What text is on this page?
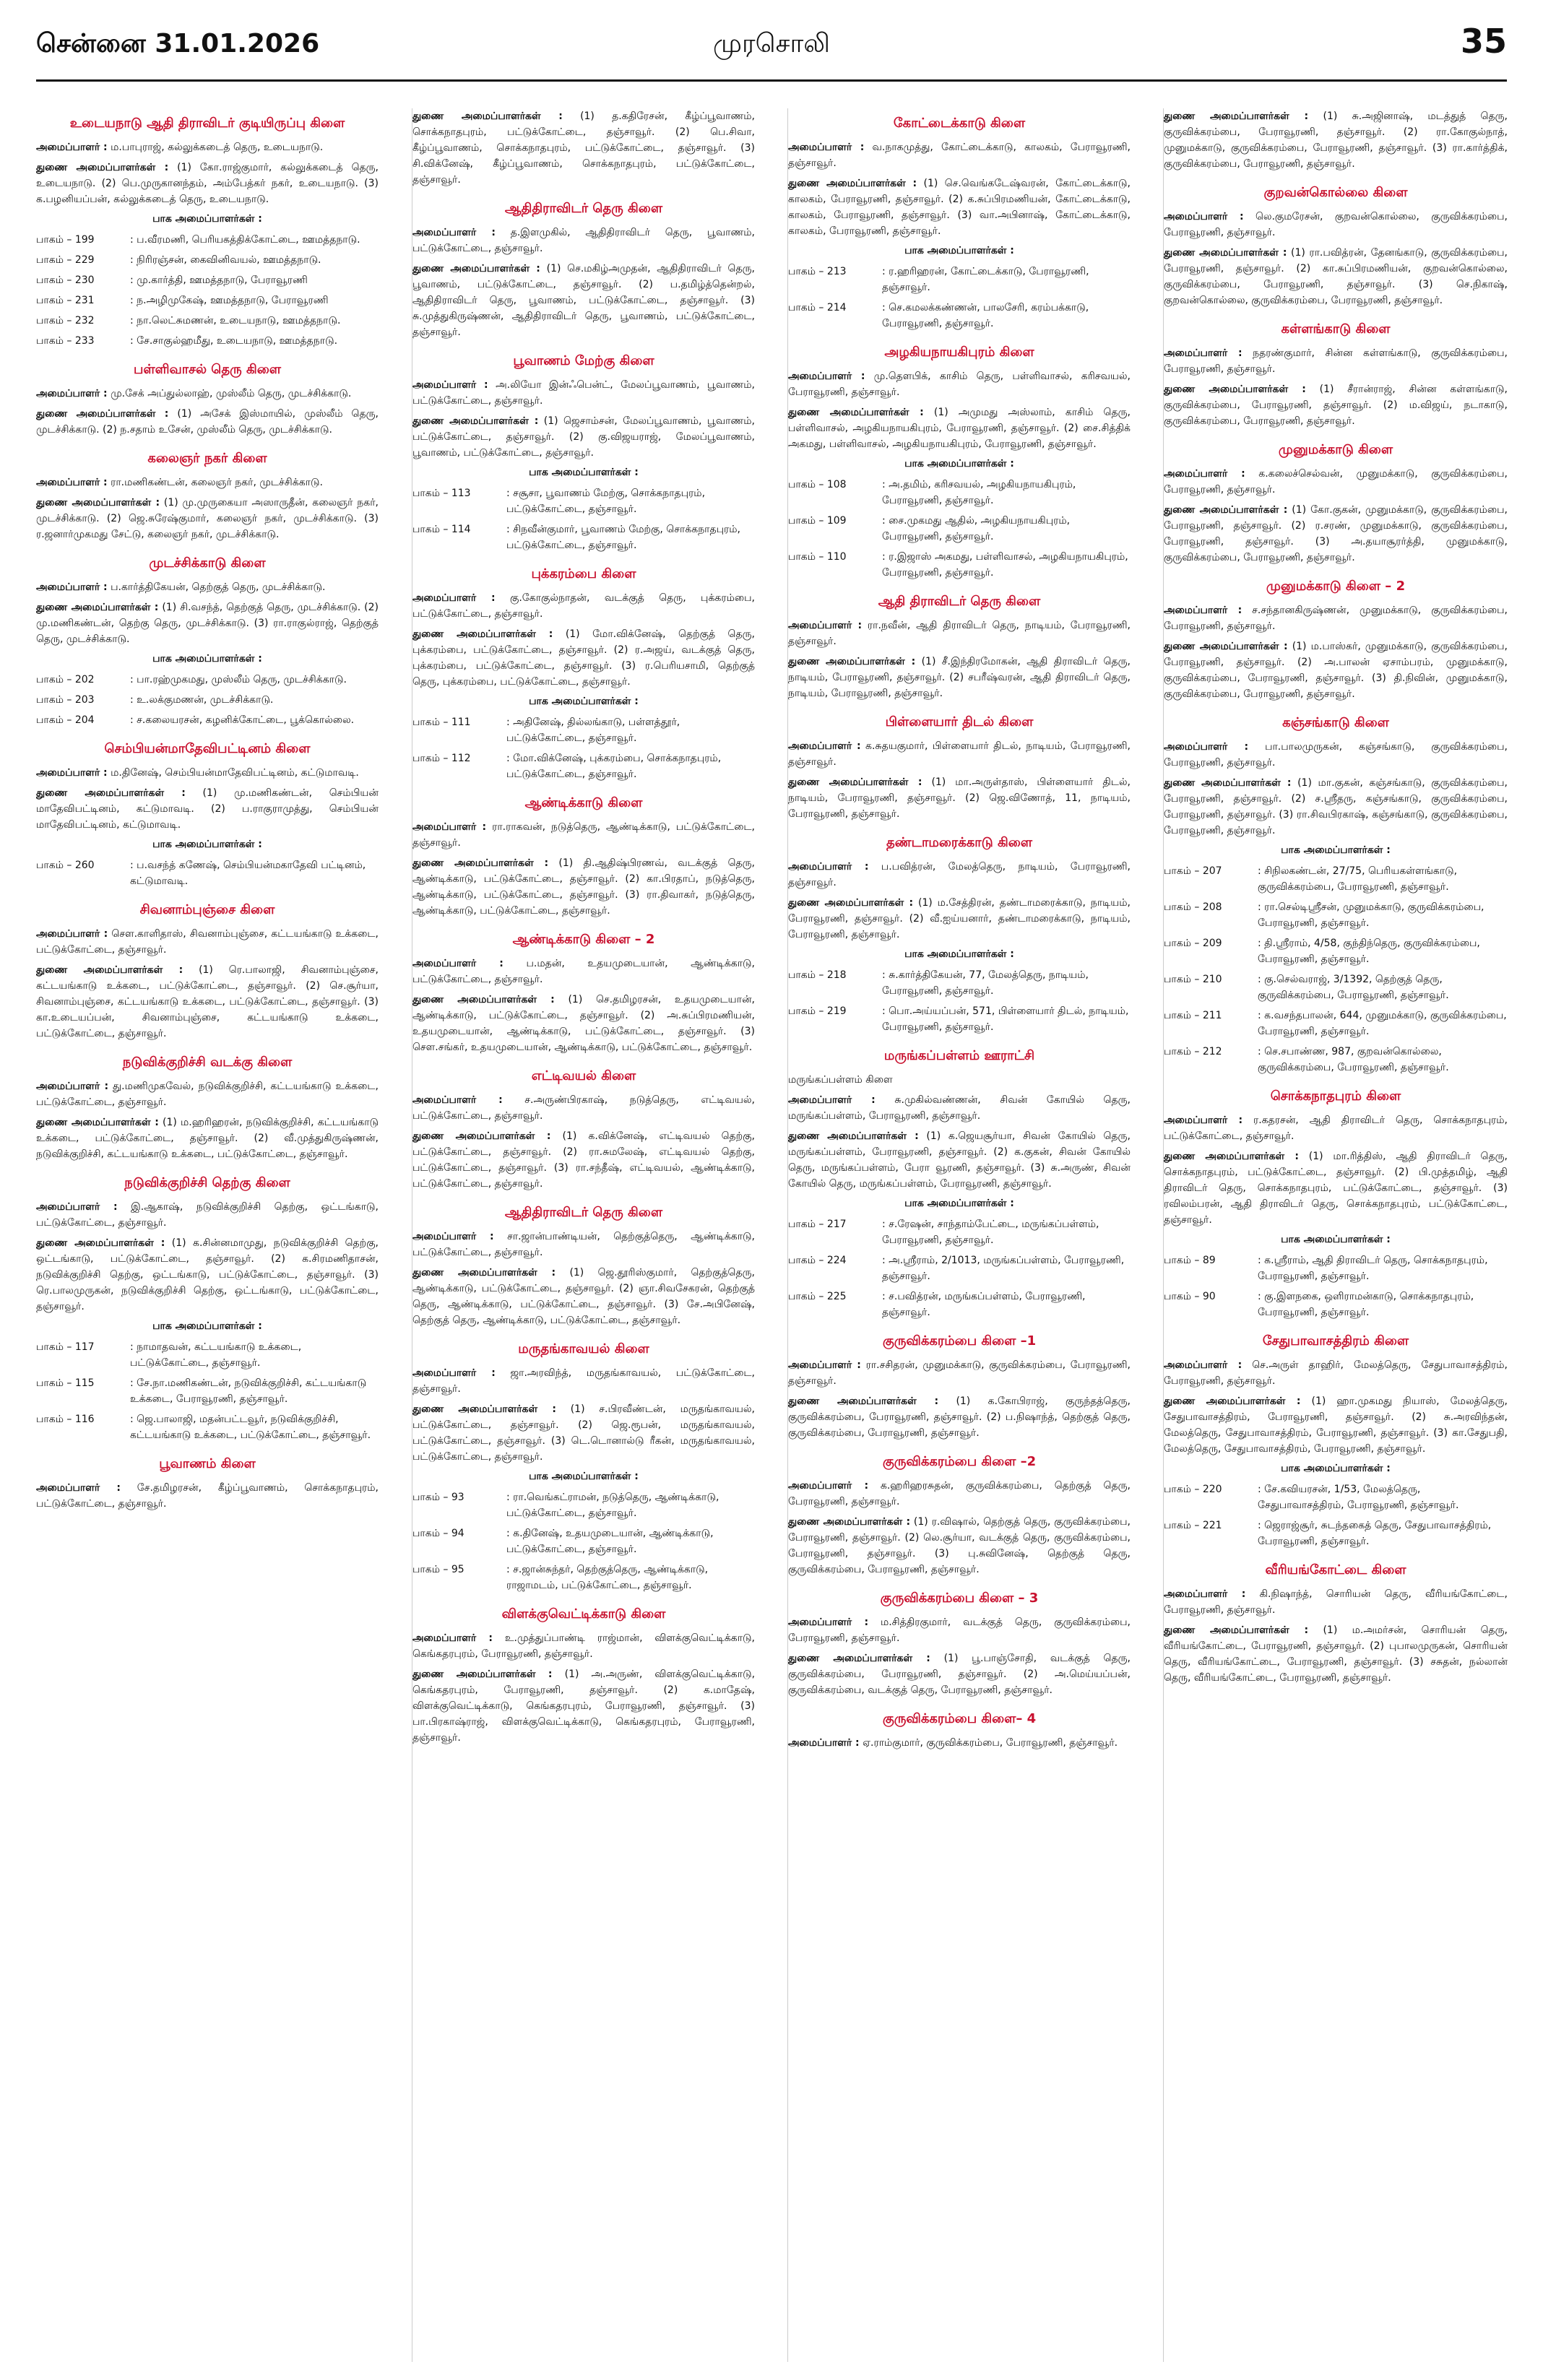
சென்னை 31.01.2026	முரசொலி	35
உடையநாடு ஆதி திராவிடர் குடியிருப்பு கிளை
அமைப்பாளர் : ம.பாபுராஜ், கல்லுக்கடைத் தெரு, உடையநாடு.
துணை அமைப்பாளர்கள் : (1) கோ.ராஜ்குமார், கல்லுக்கடைத் தெரு, உடையநாடு. (2) பெ.முருகானந்தம், அம்பேத்கர் நகர், உடையநாடு. (3) க.பழனியப்பன், கல்லுக்கடைத் தெரு, உடையநாடு.
பாக அமைப்பாளர்கள் :
பாகம் – 199	: ப.வீரமணி, பெரியகத்திக்கோட்டை, ஊமத்தநாடு.
பாகம் – 229	: நிரிரஞ்சன், கைவினிவயல், ஊமத்தநாடு.
பாகம் – 230	: மு.கார்த்தி, ஊமத்தநாடு, பேராவூரணி
பாகம் – 231	: ந.அழிமுகேஷ், ஊமத்தநாடு, பேராவூரணி
பாகம் – 232	: நா.லெட்சுமணன், உடையநாடு, ஊமத்தநாடு.
பாகம் – 233	: சே.சாகுல்ஹமீது, உடையநாடு, ஊமத்தநாடு.
பள்ளிவாசல் தெரு கிளை
அமைப்பாளர் : மு.சேக் அப்துல்லாஹ், முஸ்லீம் தெரு, முடச்சிக்காடு.
துணை அமைப்பாளர்கள் : (1) அசேக் இஸ்மாயில், முஸ்லீம் தெரு, முடச்சிக்காடு. (2) ந.சதாம் உசேன், முஸ்லீம் தெரு, முடச்சிக்காடு.
கலைஞர் நகர் கிளை
அமைப்பாளர் : ரா.மணிகண்டன், கலைஞர் நகர், முடச்சிக்காடு.
துணை அமைப்பாளர்கள் : (1) மு.முருகையா அஸாருதீன், கலைஞர் நகர், முடச்சிக்காடு. (2) ஜெ.சுரேஷ்குமார், கலைஞர் நகர், முடச்சிக்காடு. (3) ர.ஜனார்முகமது சேட்டு, கலைஞர் நகர், முடச்சிக்காடு.
முடச்சிக்காடு கிளை
அமைப்பாளர் : ப.கார்த்திகேயன், தெற்குத் தெரு, முடச்சிக்காடு.
துணை அமைப்பாளர்கள் : (1) சி.வசந்த், தெற்குத் தெரு, முடச்சிக்காடு. (2) மு.மணிகண்டன், தெற்கு தெரு, முடச்சிக்காடு. (3) ரா.ராகுல்ராஜ், தெற்குத் தெரு, முடச்சிக்காடு.
பாக அமைப்பாளர்கள் :
பாகம் – 202	: பா.ரஹ்முகமது, முஸ்லீம் தெரு, முடச்சிக்காடு.
பாகம் – 203	: உ.லக்குமணன், முடச்சிக்காடு.
பாகம் – 204	: ச.கலையரசன், கழனிக்கோட்டை, பூக்கொல்லை.
செம்பியன்மாதேவிபட்டினம் கிளை
அமைப்பாளர் : ம.தினேஷ், செம்பியன்மாதேவிபட்டினம், கட்டுமாவடி.
துணை அமைப்பாளர்கள் : (1) மு.மணிகண்டன், செம்பியன் மாதேவிபட்டினம், கட்டுமாவடி. (2) ப.ராகுராமுத்து, செம்பியன் மாதேவிபட்டினம், கட்டுமாவடி.
பாக அமைப்பாளர்கள் :
பாகம் – 260	: ப.வசந்த் கணேஷ், செம்பியன்மகாதேவி பட்டினம், கட்டுமாவடி.
சிவனாம்புஞ்சை கிளை
அமைப்பாளர் : சௌ.காளிதாஸ், சிவனாம்புஞ்சை, கட்டயங்காடு உக்கடை, பட்டுக்கோட்டை, தஞ்சாவூர்.
துணை அமைப்பாளர்கள் : (1) ரெ.பாலாஜி, சிவனாம்புஞ்சை, கட்டயங்காடு உக்கடை, பட்டுக்கோட்டை, தஞ்சாவூர். (2) செ.சூர்யா, சிவனாம்புஞ்சை, கட்டயங்காடு உக்கடை, பட்டுக்கோட்டை, தஞ்சாவூர். (3) கா.உடையப்பன், சிவனாம்புஞ்சை, கட்டயங்காடு உக்கடை, பட்டுக்கோட்டை, தஞ்சாவூர்.
நடுவிக்குறிச்சி வடக்கு கிளை
அமைப்பாளர் : து.மணிமுகவேல், நடுவிக்குறிச்சி, கட்டயங்காடு உக்கடை, பட்டுக்கோட்டை, தஞ்சாவூர்.
துணை அமைப்பாளர்கள் : (1) ம.ஹரிஹரன், நடுவிக்குறிச்சி, கட்டயங்காடு உக்கடை, பட்டுக்கோட்டை, தஞ்சாவூர். (2) வீ.முத்துகிருஷ்ணன், நடுவிக்குறிச்சி, கட்டயங்காடு உக்கடை, பட்டுக்கோட்டை, தஞ்சாவூர்.
நடுவிக்குறிச்சி தெற்கு கிளை
அமைப்பாளர் : இ.ஆகாஷ், நடுவிக்குறிச்சி தெற்கு, ஒட்டங்காடு, பட்டுக்கோட்டை, தஞ்சாவூர்.
துணை அமைப்பாளர்கள் : (1) க.சின்னமாமுது, நடுவிக்குறிச்சி தெற்கு, ஒட்டங்காடு, பட்டுக்கோட்டை, தஞ்சாவூர். (2) க.சிரமணிதாசன், நடுவிக்குறிச்சி தெற்கு, ஒட்டங்காடு, பட்டுக்கோட்டை, தஞ்சாவூர். (3) ரெ.பாலமுருகன், நடுவிக்குறிச்சி தெற்கு, ஒட்டங்காடு, பட்டுக்கோட்டை, தஞ்சாவூர்.
பாக அமைப்பாளர்கள் :
பாகம் – 117	: நாமாதவன், கட்டயங்காடு உக்கடை, பட்டுக்கோட்டை, தஞ்சாவூர்.
பாகம் – 115	: சே.நா.மணிகண்டன், நடுவிக்குறிச்சி, கட்டயங்காடு உக்கடை, பேராவூரணி, தஞ்சாவூர்.
பாகம் – 116	: ஜெ.பாலாஜி, மதன்பட்டவூர், நடுவிக்குறிச்சி, கட்டயங்காடு உக்கடை, பட்டுக்கோட்டை, தஞ்சாவூர்.
பூவாணம் கிளை
அமைப்பாளர் : சே.தமிழரசன், கீழ்ப்பூவாணம், சொக்கநாதபுரம், பட்டுக்கோட்டை, தஞ்சாவூர்.
துணை அமைப்பாளர்கள் : (1) த.கதிரேசன், கீழ்ப்பூவாணம், சொக்கநாதபுரம், பட்டுக்கோட்டை, தஞ்சாவூர். (2) பெ.சிவா, கீழ்ப்பூவாணம், சொக்கநாதபுரம், பட்டுக்கோட்டை, தஞ்சாவூர். (3) சி.விக்னேஷ், கீழ்ப்பூவாணம், சொக்கநாதபுரம், பட்டுக்கோட்டை, தஞ்சாவூர்.
ஆதிதிராவிடர் தெரு கிளை
அமைப்பாளர் : த.இளமுகில், ஆதிதிராவிடர் தெரு, பூவாணம், பட்டுக்கோட்டை, தஞ்சாவூர்.
துணை அமைப்பாளர்கள் : (1) செ.மகிழ்அமுதன், ஆதிதிராவிடர் தெரு, பூவாணம், பட்டுக்கோட்டை, தஞ்சாவூர். (2) ப.தமிழ்த்தென்றல், ஆதிதிராவிடர் தெரு, பூவாணம், பட்டுக்கோட்டை, தஞ்சாவூர். (3) சு.முத்துகிருஷ்ணன், ஆதிதிராவிடர் தெரு, பூவாணம், பட்டுக்கோட்டை, தஞ்சாவூர்.
பூவாணம் மேற்கு கிளை
அமைப்பாளர் : அ.லியோ இன்ஃபென்ட், மேலப்பூவாணம், பூவாணம், பட்டுக்கோட்டை, தஞ்சாவூர்.
துணை அமைப்பாளர்கள் : (1) ஜெசாம்சன், மேலப்பூவாணம், பூவாணம், பட்டுக்கோட்டை, தஞ்சாவூர். (2) கு.விஜயராஜ், மேலப்பூவாணம், பூவாணம், பட்டுக்கோட்டை, தஞ்சாவூர்.
பாக அமைப்பாளர்கள் :
பாகம் – 113	: சசூசா, பூவாணம் மேற்கு, சொக்கநாதபுரம், பட்டுக்கோட்டை, தஞ்சாவூர்.
பாகம் – 114	: சிநவீன்குமார், பூவாணம் மேற்கு, சொக்கநாதபுரம், பட்டுக்கோட்டை, தஞ்சாவூர்.
புக்கரம்பை கிளை
அமைப்பாளர் : கு.கோகுல்நாதன், வடக்குத் தெரு, புக்கரம்பை, பட்டுக்கோட்டை, தஞ்சாவூர்.
துணை அமைப்பாளர்கள் : (1) மோ.விக்னேஷ், தெற்குத் தெரு, புக்கரம்பை, பட்டுக்கோட்டை, தஞ்சாவூர். (2) ர.அஜய், வடக்குத் தெரு, புக்கரம்பை, பட்டுக்கோட்டை, தஞ்சாவூர். (3) ர.பெரியசாமி, தெற்குத் தெரு, புக்கரம்பை, பட்டுக்கோட்டை, தஞ்சாவூர்.
பாக அமைப்பாளர்கள் :
பாகம் – 111	: அதினேஷ், தில்லங்காடு, பள்ளத்தூர், பட்டுக்கோட்டை, தஞ்சாவூர்.
பாகம் – 112	: மோ.விக்னேஷ், புக்கரம்பை, சொக்கநாதபுரம், பட்டுக்கோட்டை, தஞ்சாவூர்.
ஆண்டிக்காடு கிளை
அமைப்பாளர் : ரா.ராகவன், நடுத்தெரு, ஆண்டிக்காடு, பட்டுக்கோட்டை, தஞ்சாவூர்.
துணை அமைப்பாளர்கள் : (1) தி.ஆதிஷ்பிரணவ், வடக்குத் தெரு, ஆண்டிக்காடு, பட்டுக்கோட்டை, தஞ்சாவூர். (2) கா.பிரதாப், நடுத்தெரு, ஆண்டிக்காடு, பட்டுக்கோட்டை, தஞ்சாவூர். (3) ரா.திவாகர், நடுத்தெரு, ஆண்டிக்காடு, பட்டுக்கோட்டை, தஞ்சாவூர்.
ஆண்டிக்காடு கிளை – 2
அமைப்பாளர் : ப.மதன், உதயமுடையான், ஆண்டிக்காடு, பட்டுக்கோட்டை, தஞ்சாவூர்.
துணை அமைப்பாளர்கள் : (1) செ.தமிழரசன், உதயமுடையான், ஆண்டிக்காடு, பட்டுக்கோட்டை, தஞ்சாவூர். (2) அ.சுப்பிரமணியன், உதயமுடையான், ஆண்டிக்காடு, பட்டுக்கோட்டை, தஞ்சாவூர். (3) சௌ.சங்கர், உதயமுடையான், ஆண்டிக்காடு, பட்டுக்கோட்டை, தஞ்சாவூர்.
எட்டிவயல் கிளை
அமைப்பாளர் : ச.அருண்பிரகாஷ், நடுத்தெரு, எட்டிவயல், பட்டுக்கோட்டை, தஞ்சாவூர்.
துணை அமைப்பாளர்கள் : (1) க.விக்னேஷ், எட்டிவயல் தெற்கு, பட்டுக்கோட்டை, தஞ்சாவூர். (2) ரா.சுமலேஷ், எட்டிவயல் தெற்கு, பட்டுக்கோட்டை, தஞ்சாவூர். (3) ரா.சந்தீஷ், எட்டிவயல், ஆண்டிக்காடு, பட்டுக்கோட்டை, தஞ்சாவூர்.
ஆதிதிராவிடர் தெரு கிளை
அமைப்பாளர் : சா.ஜான்பாண்டியன், தெற்குத்தெரு, ஆண்டிக்காடு, பட்டுக்கோட்டை, தஞ்சாவூர்.
துணை அமைப்பாளர்கள் : (1) ஜெ.தூரிஸ்குமார், தெற்குத்தெரு, ஆண்டிக்காடு, பட்டுக்கோட்டை, தஞ்சாவூர். (2) ஞா.சிவசேகரன், தெற்குத் தெரு, ஆண்டிக்காடு, பட்டுக்கோட்டை, தஞ்சாவூர். (3) சே.அபினேஷ், தெற்குத் தெரு, ஆண்டிக்காடு, பட்டுக்கோட்டை, தஞ்சாவூர்.
மருதங்காவயல் கிளை
அமைப்பாளர் : ஜா.அரவிந்த், மருதங்காவயல், பட்டுக்கோட்டை, தஞ்சாவூர்.
துணை அமைப்பாளர்கள் : (1) ச.பிரவீண்டன், மருதங்காவயல், பட்டுக்கோட்டை, தஞ்சாவூர். (2) ஜெ.ரூபன், மருதங்காவயல், பட்டுக்கோட்டை, தஞ்சாவூர். (3) டெ.டொனால்டு ரீகன், மருதங்காவயல், பட்டுக்கோட்டை, தஞ்சாவூர்.
பாக அமைப்பாளர்கள் :
பாகம் – 93	: ரா.வெங்கட்ராமன், நடுத்தெரு, ஆண்டிக்காடு, பட்டுக்கோட்டை, தஞ்சாவூர்.
பாகம் – 94	: க.தினேஷ், உதயமுடையான், ஆண்டிக்காடு, பட்டுக்கோட்டை, தஞ்சாவூர்.
பாகம் – 95	: ச.ஜான்சுந்தர், தெற்குத்தெரு, ஆண்டிக்காடு, ராஜாமடம், பட்டுக்கோட்டை, தஞ்சாவூர்.
விளக்குவெட்டிக்காடு கிளை
அமைப்பாளர் : உ.முத்துப்பாண்டி ராஜ்மான், விளக்குவெட்டிக்காடு, கெங்கதரபுரம், பேராவூரணி, தஞ்சாவூர்.
துணை அமைப்பாளர்கள் : (1) அ.அருண், விளக்குவெட்டிக்காடு, கெங்கதரபுரம், பேராவூரணி, தஞ்சாவூர். (2) க.மாதேஷ், விளக்குவெட்டிக்காடு, கெங்கதரபுரம், பேராவூரணி, தஞ்சாவூர். (3) பா.பிரகாஷ்ராஜ், விளக்குவெட்டிக்காடு, கெங்கதரபுரம், பேராவூரணி, தஞ்சாவூர்.
கோட்டைக்காடு கிளை
அமைப்பாளர் : வ.நாகமுத்து, கோட்டைக்காடு, காலகம், பேராவூரணி, தஞ்சாவூர்.
துணை அமைப்பாளர்கள் : (1) செ.வெங்கடேஷ்வரன், கோட்டைக்காடு, காலகம், பேராவூரணி, தஞ்சாவூர். (2) க.சுப்பிரமணியன், கோட்டைக்காடு, காலகம், பேராவூரணி, தஞ்சாவூர். (3) வா.அபினாஷ், கோட்டைக்காடு, காலகம், பேராவூரணி, தஞ்சாவூர்.
பாக அமைப்பாளர்கள் :
பாகம் – 213	: ர.ஹரிஹரன், கோட்டைக்காடு, பேராவூரணி, தஞ்சாவூர்.
பாகம் – 214	: செ.கமலக்கண்ணன், பாலசேரி, கரம்பக்காடு, பேராவூரணி, தஞ்சாவூர்.
அழகியநாயகிபுரம் கிளை
அமைப்பாளர் : மு.தெளபிக், காசிம் தெரு, பள்ளிவாசல், கரிசவயல், பேராவூரணி, தஞ்சாவூர்.
துணை அமைப்பாளர்கள் : (1) அமுமது அஸ்லாம், காசிம் தெரு, பள்ளிவாசல், அழகியநாயகிபுரம், பேராவூரணி, தஞ்சாவூர். (2) சை.சித்திக் அகமது, பள்ளிவாசல், அழகியநாயகிபுரம், பேராவூரணி, தஞ்சாவூர்.
பாக அமைப்பாளர்கள் :
பாகம் – 108	: அ.தமிம், கரிசவயல், அழகியநாயகிபுரம், பேராவூரணி, தஞ்சாவூர்.
பாகம் – 109	: சை.முகமது ஆதில், அழகியநாயகிபுரம், பேராவூரணி, தஞ்சாவூர்.
பாகம் – 110	: ர.இஜாஸ் அகமது, பள்ளிவாசல், அழகியநாயகிபுரம், பேராவூரணி, தஞ்சாவூர்.
ஆதி திராவிடர் தெரு கிளை
அமைப்பாளர் : ரா.நவீன், ஆதி திராவிடர் தெரு, நாடியம், பேராவூரணி, தஞ்சாவூர்.
துணை அமைப்பாளர்கள் : (1) சீ.இந்திரமோகன், ஆதி திராவிடர் தெரு, நாடியம், பேராவூரணி, தஞ்சாவூர். (2) சபரீஷ்வரன், ஆதி திராவிடர் தெரு, நாடியம், பேராவூரணி, தஞ்சாவூர்.
பிள்ளையார் திடல் கிளை
அமைப்பாளர் : க.சுதயகுமார், பிள்ளையார் திடல், நாடியம், பேராவூரணி, தஞ்சாவூர்.
துணை அமைப்பாளர்கள் : (1) மா.அருள்தாஸ், பிள்ளையார் திடல், நாடியம், பேராவூரணி, தஞ்சாவூர். (2) ஜெ.விணோத், 11, நாடியம், பேராவூரணி, தஞ்சாவூர்.
தண்டாமரைக்காடு கிளை
அமைப்பாளர் : ப.பவித்ரன், மேலத்தெரு, நாடியம், பேராவூரணி, தஞ்சாவூர்.
துணை அமைப்பாளர்கள் : (1) ம.சேத்திரன், தண்டாமரைக்காடு, நாடியம், பேராவூரணி, தஞ்சாவூர். (2) வீ.ஐய்யனார், தண்டாமரைக்காடு, நாடியம், பேராவூரணி, தஞ்சாவூர்.
பாக அமைப்பாளர்கள் :
பாகம் – 218	: சு.கார்த்திகேயன், 77, மேலத்தெரு, நாடியம், பேராவூரணி, தஞ்சாவூர்.
பாகம் – 219	: பொ.அய்யப்பன், 571, பிள்ளையார் திடல், நாடியம், பேராவூரணி, தஞ்சாவூர்.
மருங்கப்பள்ளம் ஊராட்சி
மருங்கப்பள்ளம் கிளை
அமைப்பாளர் : சு.முகில்வண்ணன், சிவன் கோயில் தெரு, மருங்கப்பள்ளம், பேராவூரணி, தஞ்சாவூர்.
துணை அமைப்பாளர்கள் : (1) க.ஜெயசூர்யா, சிவன் கோயில் தெரு, மருங்கப்பள்ளம், பேராவூரணி, தஞ்சாவூர். (2) க.குகன், சிவன் கோயில் தெரு, மருங்கப்பள்ளம், பேரா வூரணி, தஞ்சாவூர். (3) சு.அருண், சிவன் கோயில் தெரு, மருங்கப்பள்ளம், பேராவூரணி, தஞ்சாவூர்.
பாக அமைப்பாளர்கள் :
பாகம் – 217	: ச.ரேஷன், சாந்தாம்பேட்டை, மருங்கப்பள்ளம், பேராவூரணி, தஞ்சாவூர்.
பாகம் – 224	: அ.ஸ்ரீராம், 2/1013, மருங்கப்பள்ளம், பேராவூரணி, தஞ்சாவூர்.
பாகம் – 225	: ச.பவித்ரன், மருங்கப்பள்ளம், பேராவூரணி, தஞ்சாவூர்.
குருவிக்கரம்பை கிளை –1
அமைப்பாளர் : ரா.சசிதரன், முனுமக்காடு, குருவிக்கரம்பை, பேராவூரணி, தஞ்சாவூர்.
துணை அமைப்பாளர்கள் : (1) க.கோபிராஜ், குருந்தத்தெரு, குருவிக்கரம்பை, பேராவூரணி, தஞ்சாவூர். (2) ப.நிஷாந்த், தெற்குத் தெரு, குருவிக்கரம்பை, பேராவூரணி, தஞ்சாவூர்.
குருவிக்கரம்பை கிளை –2
அமைப்பாளர் : க.ஹரிஹரசுதன், குருவிக்கரம்பை, தெற்குத் தெரு, பேராவூரணி, தஞ்சாவூர்.
துணை அமைப்பாளர்கள் : (1) ர.விஷால், தெற்குத் தெரு, குருவிக்கரம்பை, பேராவூரணி, தஞ்சாவூர். (2) லெ.சூர்யா, வடக்குத் தெரு, குருவிக்கரம்பை, பேராவூரணி, தஞ்சாவூர். (3) பு.சுவினேஷ், தெற்குத் தெரு, குருவிக்கரம்பை, பேராவூரணி, தஞ்சாவூர்.
குருவிக்கரம்பை கிளை – 3
அமைப்பாளர் : ம.சித்திரகுமார், வடக்குத் தெரு, குருவிக்கரம்பை, பேராவூரணி, தஞ்சாவூர்.
துணை அமைப்பாளர்கள் : (1) பூ.பாஞ்சோதி, வடக்குத் தெரு, குருவிக்கரம்பை, பேராவூரணி, தஞ்சாவூர். (2) அ.மெய்யப்பன், குருவிக்கரம்பை, வடக்குத் தெரு, பேராவூரணி, தஞ்சாவூர்.
குருவிக்கரம்பை கிளை– 4
அமைப்பாளர் : ஏ.ராம்குமார், குருவிக்கரம்பை, பேராவூரணி, தஞ்சாவூர்.
துணை அமைப்பாளர்கள் : (1) சு.அஜினாஷ், மடத்துத் தெரு, குருவிக்கரம்பை, பேராவூரணி, தஞ்சாவூர். (2) ரா.கோகுல்நாத், முனுமக்காடு, குருவிக்கரம்பை, பேராவூரணி, தஞ்சாவூர். (3) ரா.கார்த்திக், குருவிக்கரம்பை, பேராவூரணி, தஞ்சாவூர்.
குறவன்கொல்லை கிளை
அமைப்பாளர் : லெ.குமரேசன், குறவன்கொல்லை, குருவிக்கரம்பை, பேராவூரணி, தஞ்சாவூர்.
துணை அமைப்பாளர்கள் : (1) ரா.பவித்ரன், தேனங்காடு, குருவிக்கரம்பை, பேராவூரணி, தஞ்சாவூர். (2) கா.சுப்பிரமணியன், குறவன்கொல்லை, குருவிக்கரம்பை, பேராவூரணி, தஞ்சாவூர். (3) செ.நிகாஷ், குறவன்கொல்லை, குருவிக்கரம்பை, பேராவூரணி, தஞ்சாவூர்.
கள்ளங்காடு கிளை
அமைப்பாளர் : நதரண்குமார், சின்ன கள்ளங்காடு, குருவிக்கரம்பை, பேராவூரணி, தஞ்சாவூர்.
துணை அமைப்பாளர்கள் : (1) சீரான்ராஜ், சின்ன கள்ளங்காடு, குருவிக்கரம்பை, பேராவூரணி, தஞ்சாவூர். (2) ம.விஜய், நடாகாடு, குருவிக்கரம்பை, பேராவூரணி, தஞ்சாவூர்.
முனுமக்காடு கிளை
அமைப்பாளர் : க.கலைச்செல்வன், முனுமக்காடு, குருவிக்கரம்பை, பேராவூரணி, தஞ்சாவூர்.
துணை அமைப்பாளர்கள் : (1) கோ.குகன், முனுமக்காடு, குருவிக்கரம்பை, பேராவூரணி, தஞ்சாவூர். (2) ர.சரண், முனுமக்காடு, குருவிக்கரம்பை, பேராவூரணி, தஞ்சாவூர். (3) அ.தயாசூரர்த்தி, முனுமக்காடு, குருவிக்கரம்பை, பேராவூரணி, தஞ்சாவூர்.
முனுமக்காடு கிளை – 2
அமைப்பாளர் : ச.சந்தானகிருஷ்ணன், முனுமக்காடு, குருவிக்கரம்பை, பேராவூரணி, தஞ்சாவூர்.
துணை அமைப்பாளர்கள் : (1) ம.பாஸ்கர், முனுமக்காடு, குருவிக்கரம்பை, பேராவூரணி, தஞ்சாவூர். (2) அ.பாலன் ஏசாம்பரம், முனுமக்காடு, குருவிக்கரம்பை, பேராவூரணி, தஞ்சாவூர். (3) தி.நிவின், முனுமக்காடு, குருவிக்கரம்பை, பேராவூரணி, தஞ்சாவூர்.
கஞ்சங்காடு கிளை
அமைப்பாளர் : பா.பாலமுருகன், கஞ்சங்காடு, குருவிக்கரம்பை, பேராவூரணி, தஞ்சாவூர்.
துணை அமைப்பாளர்கள் : (1) மா.குகன், கஞ்சங்காடு, குருவிக்கரம்பை, பேராவூரணி, தஞ்சாவூர். (2) ச.ஸ்ரீதரு, கஞ்சங்காடு, குருவிக்கரம்பை, பேராவூரணி, தஞ்சாவூர். (3) ரா.சிவபிரகாஷ், கஞ்சங்காடு, குருவிக்கரம்பை, பேராவூரணி, தஞ்சாவூர்.
பாக அமைப்பாளர்கள் :
பாகம் – 207	: சிநிலகண்டன், 27/75, பெரியகள்ளங்காடு, குருவிக்கரம்பை, பேராவூரணி, தஞ்சாவூர்.
பாகம் – 208	: ரா.செல்டிஸ்ரீசன், முனுமக்காடு, குருவிக்கரம்பை, பேராவூரணி, தஞ்சாவூர்.
பாகம் – 209	: தி.ஸ்ரீராம், 4/58, குந்திந்தெரு, குருவிக்கரம்பை, பேராவூரணி, தஞ்சாவூர்.
பாகம் – 210	: கு.செல்வராஜ், 3/1392, தெற்குத் தெரு, குருவிக்கரம்பை, பேராவூரணி, தஞ்சாவூர்.
பாகம் – 211	: க.வசந்தபாலன், 644, முனுமக்காடு, குருவிக்கரம்பை, பேராவூரணி, தஞ்சாவூர்.
பாகம் – 212	: செ.சபாண்ண, 987, குறவன்கொல்லை, குருவிக்கரம்பை, பேராவூரணி, தஞ்சாவூர்.
சொக்கநாதபுரம் கிளை
அமைப்பாளர் : ர.கதரசன், ஆதி திராவிடர் தெரு, சொக்கநாதபுரம், பட்டுக்கோட்டை, தஞ்சாவூர்.
துணை அமைப்பாளர்கள் : (1) மா.ரித்திஸ், ஆதி திராவிடர் தெரு, சொக்கநாதபுரம், பட்டுக்கோட்டை, தஞ்சாவூர். (2) பி.முத்தமிழ், ஆதி திராவிடர் தெரு, சொக்கநாதபுரம், பட்டுக்கோட்டை, தஞ்சாவூர். (3) ரவிலம்பரன், ஆதி திராவிடர் தெரு, சொக்கநாதபுரம், பட்டுக்கோட்டை, தஞ்சாவூர்.
பாக அமைப்பாளர்கள் :
பாகம் – 89	: க.ஸ்ரீராம், ஆதி திராவிடர் தெரு, சொக்கநாதபுரம், பேராவூரணி, தஞ்சாவூர்.
பாகம் – 90	: கு.இளநகை, ஒளிராமன்காடு, சொக்கநாதபுரம், பேராவூரணி, தஞ்சாவூர்.
சேதுபாவாசத்திரம் கிளை
அமைப்பாளர் : செ.அருள் தாஹிர், மேலத்தெரு, சேதுபாவாசத்திரம், பேராவூரணி, தஞ்சாவூர்.
துணை அமைப்பாளர்கள் : (1) ஹா.முகமது நியாஸ், மேலத்தெரு, சேதுபாவாசத்திரம், பேராவூரணி, தஞ்சாவூர். (2) சு.அரவிந்தன், மேலத்தெரு, சேதுபாவாசத்திரம், பேராவூரணி, தஞ்சாவூர். (3) கா.சேதுபதி, மேலத்தெரு, சேதுபாவாசத்திரம், பேராவூரணி, தஞ்சாவூர்.
பாக அமைப்பாளர்கள் :
பாகம் – 220	: சே.கவியரசன், 1/53, மேலத்தெரு, சேதுபாவாசத்திரம், பேராவூரணி, தஞ்சாவூர்.
பாகம் – 221	: ஜெராஜ்சூர், சுடந்தகைத் தெரு, சேதுபாவாசத்திரம், பேராவூரணி, தஞ்சாவூர்.
வீரியங்கோட்டை கிளை
அமைப்பாளர் : கி.நிஷாந்த், சொரியன் தெரு, வீரியங்கோட்டை, பேராவூரணி, தஞ்சாவூர்.
துணை அமைப்பாளர்கள் : (1) ம.அமர்சன், சொரியன் தெரு, வீரியங்கோட்டை, பேராவூரணி, தஞ்சாவூர். (2) புபாலமுருகன், சொரியன் தெரு, வீரியங்கோட்டை, பேராவூரணி, தஞ்சாவூர். (3) சசுதன், நல்லான் தெரு, வீரியங்கோட்டை, பேராவூரணி, தஞ்சாவூர்.
